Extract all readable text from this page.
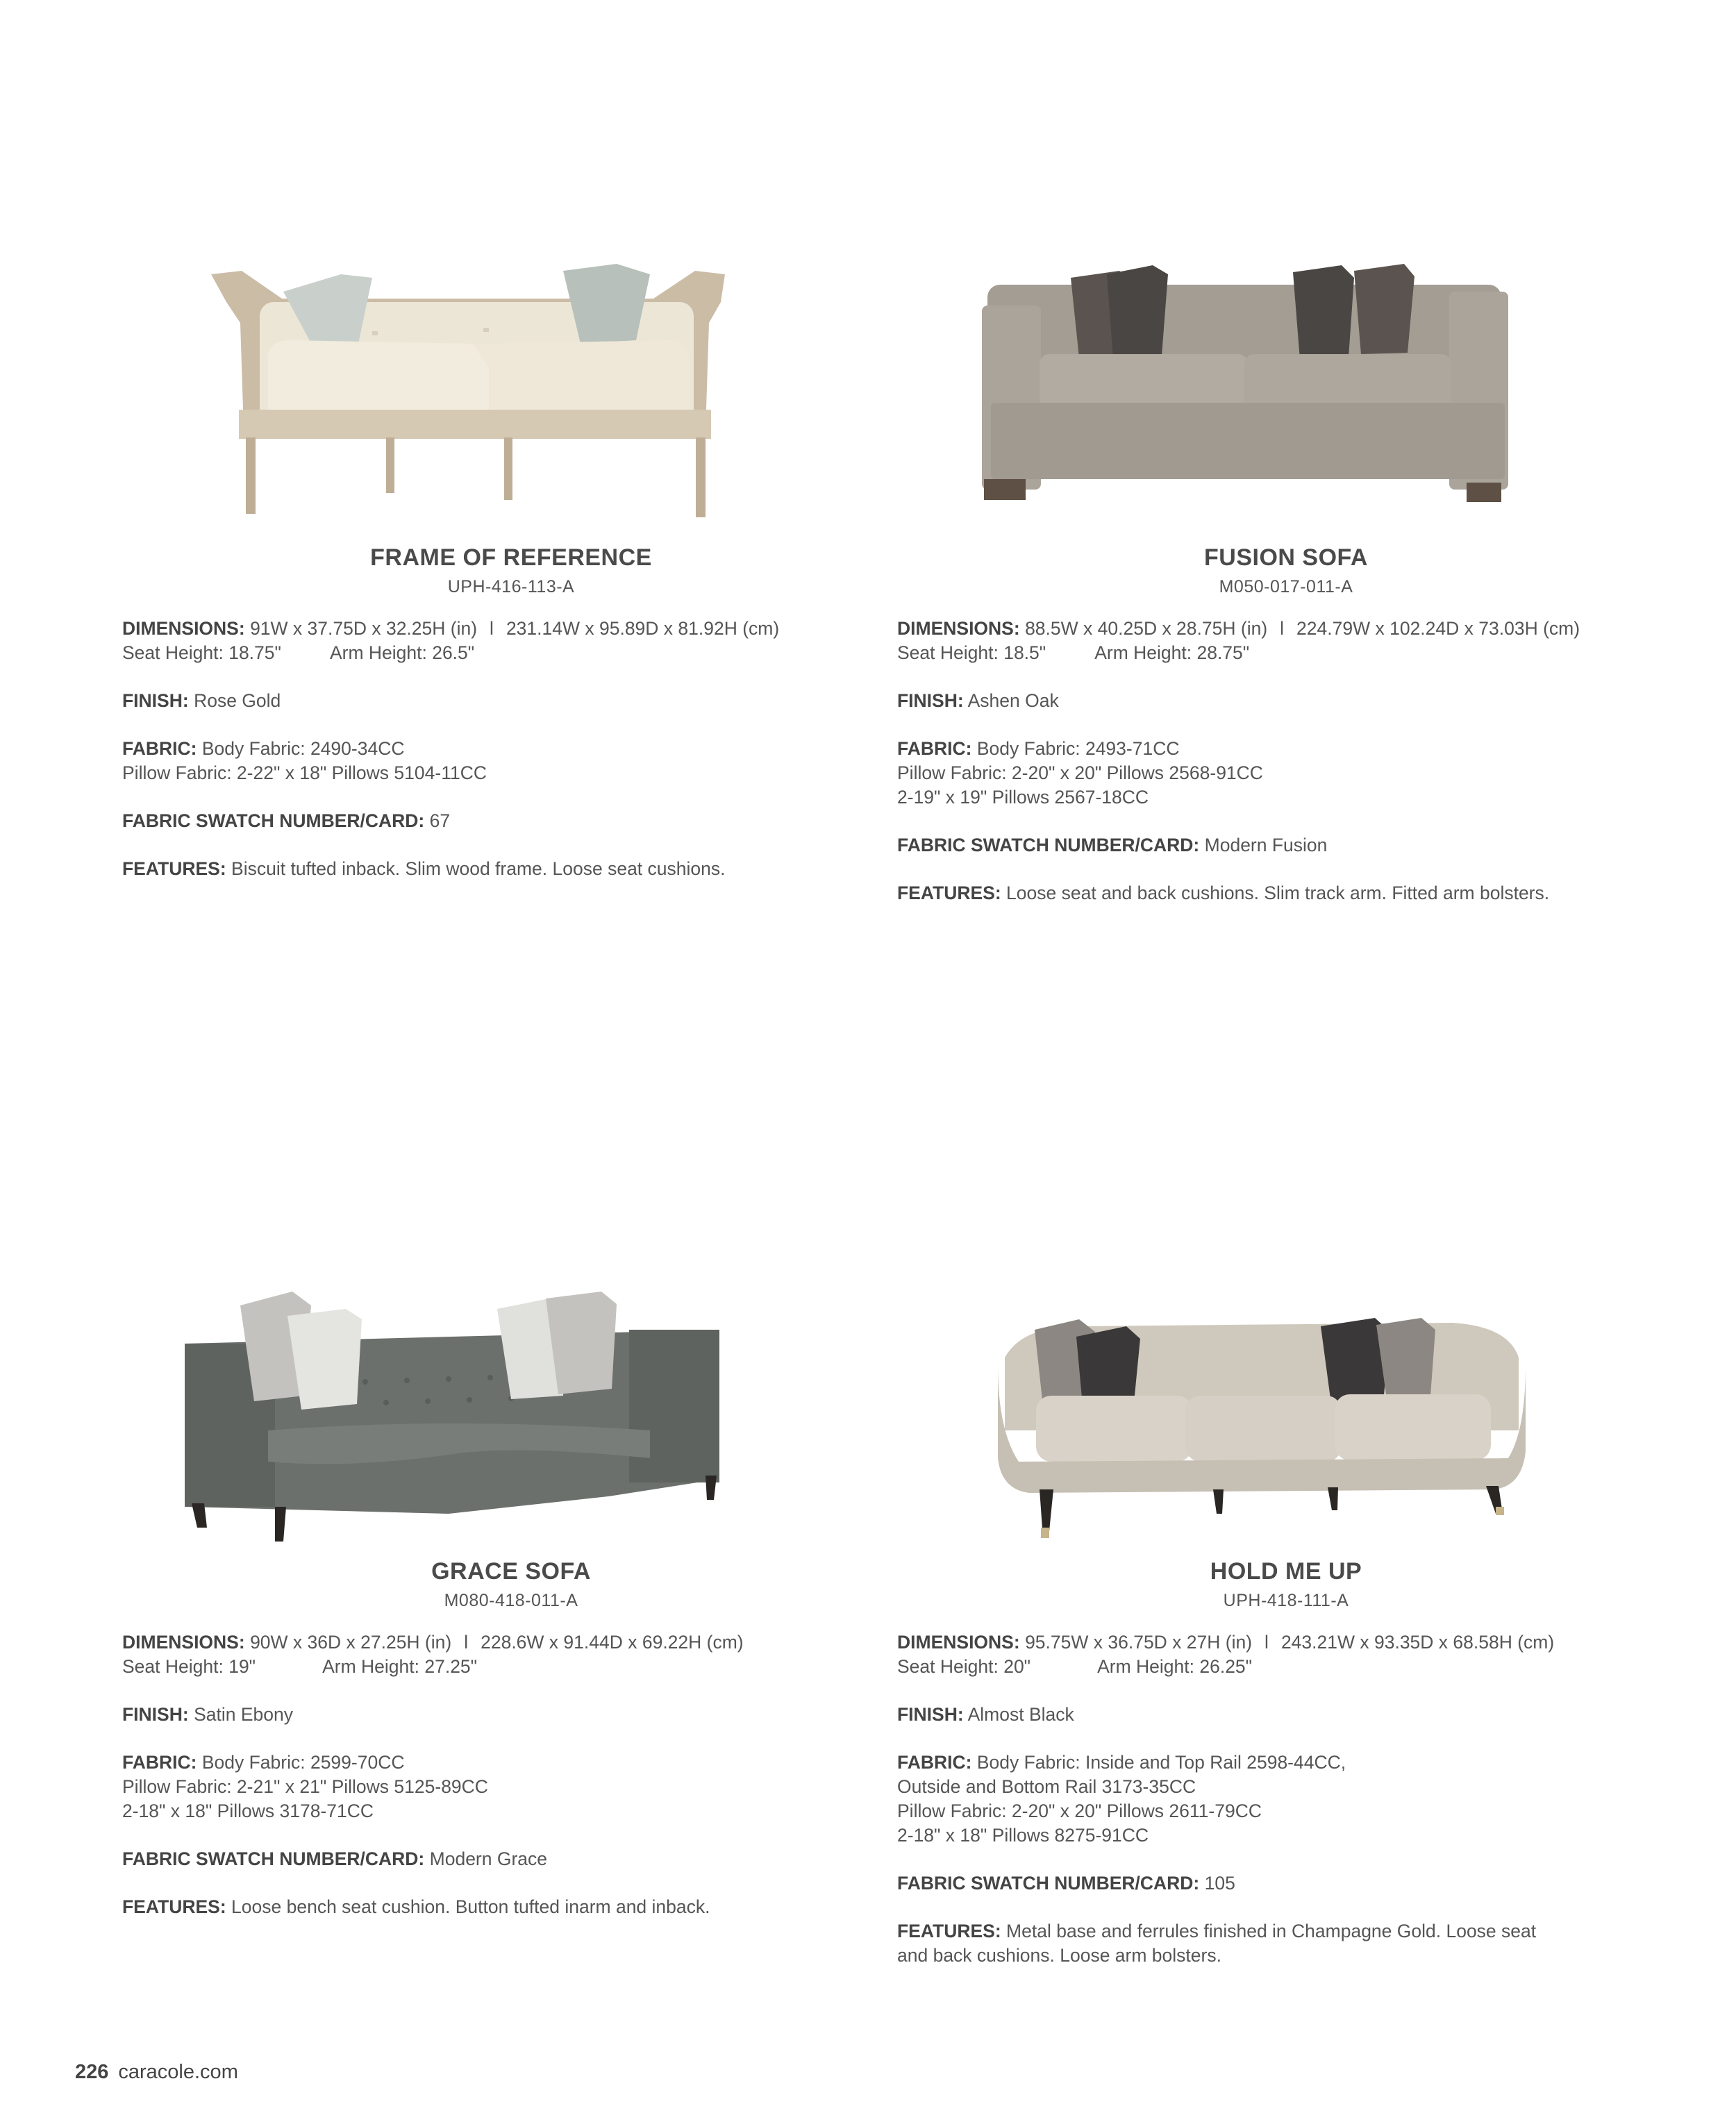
FRAME OF REFERENCE
UPH-416-113-A

DIMENSIONS: 91W x 37.75D x 32.25H (in) l 231.14W x 95.89D x 81.92H (cm)

Seat Height: 18.75"	Arm Height: 26.5"

FINISH: Rose Gold

FABRIC: Body Fabric: 2490-34CC

Pillow Fabric: 2-22" x 18" Pillows 5104-11CC

FABRIC SWATCH NUMBER/CARD: 67

FEATURES: Biscuit tufted inback. Slim wood frame. Loose seat cushions.

FUSION SOFA
M050-017-011-A

DIMENSIONS: 88.5W x 40.25D x 28.75H (in) l 224.79W x 102.24D x 73.03H (cm)

Seat Height: 18.5"	Arm Height: 28.75"

FINISH: Ashen Oak

FABRIC: Body Fabric: 2493-71CC

Pillow Fabric: 2-20" x 20" Pillows 2568-91CC

2-19" x 19" Pillows 2567-18CC

FABRIC SWATCH NUMBER/CARD: Modern Fusion

FEATURES: Loose seat and back cushions. Slim track arm. Fitted arm bolsters.

GRACE SOFA
M080-418-011-A

DIMENSIONS: 90W x 36D x 27.25H (in) l 228.6W x 91.44D x 69.22H (cm)

Seat Height: 19"	Arm Height: 27.25"

FINISH: Satin Ebony

FABRIC: Body Fabric: 2599-70CC

Pillow Fabric: 2-21" x 21" Pillows 5125-89CC

2-18" x 18" Pillows 3178-71CC

FABRIC SWATCH NUMBER/CARD: Modern Grace

FEATURES: Loose bench seat cushion. Button tufted inarm and inback.

HOLD ME UP
UPH-418-111-A

DIMENSIONS: 95.75W x 36.75D x 27H (in) l 243.21W x 93.35D x 68.58H (cm)

Seat Height: 20"	Arm Height: 26.25"

FINISH: Almost Black

FABRIC: Body Fabric: Inside and Top Rail 2598-44CC,

Outside and Bottom Rail 3173-35CC

Pillow Fabric: 2-20" x 20" Pillows 2611-79CC

2-18" x 18" Pillows 8275-91CC

FABRIC SWATCH NUMBER/CARD: 105

FEATURES: Metal base and ferrules finished in Champagne Gold. Loose seat

and back cushions. Loose arm bolsters.

226 caracole.com
